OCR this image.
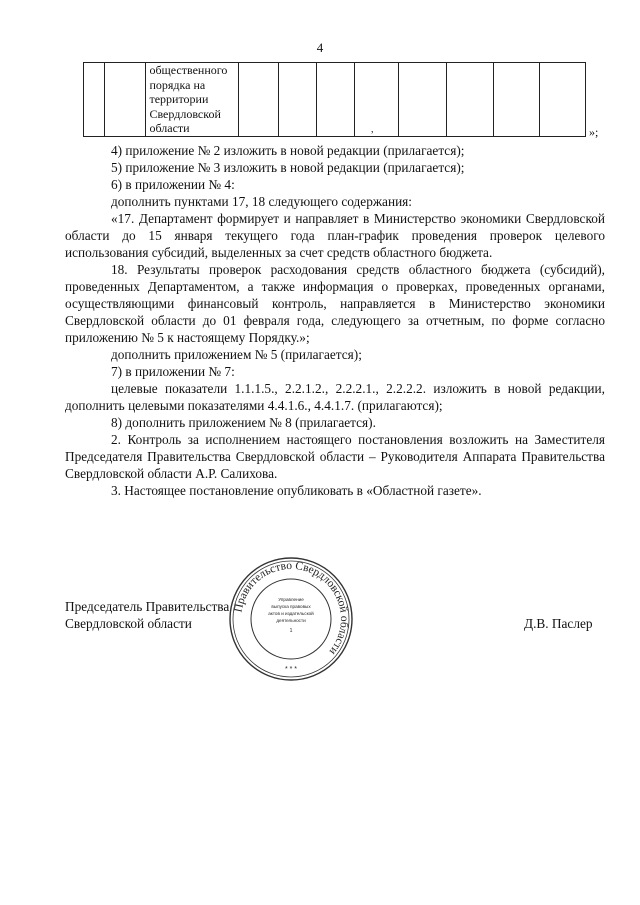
4
		общественного
порядка на
территории
Свердловской
области									,	»;

4) приложение № 2 изложить в новой редакции (прилагается);

5) приложение № 3 изложить в новой редакции (прилагается);

6) в приложении № 4:

дополнить пунктами 17, 18 следующего содержания:

«17. Департамент формирует и направляет в Министерство экономики Свердловской области до 15 января текущего года план-график проведения проверок целевого использования субсидий, выделенных за счет средств областного бюджета.

18. Результаты проверок расходования средств областного бюджета (субсидий), проведенных Департаментом, а также информация о проверках, проведенных органами, осуществляющими финансовый контроль, направляется в Министерство экономики Свердловской области до 01 февраля года, следующего за отчетным, по форме согласно приложению № 5 к настоящему Порядку.»;

дополнить приложением № 5 (прилагается);

7) в приложении № 7:

целевые показатели 1.1.1.5., 2.2.1.2., 2.2.2.1., 2.2.2.2. изложить в новой редакции, дополнить целевыми показателями 4.4.1.6., 4.4.1.7. (прилагаются);

8) дополнить приложением № 8 (прилагается).

2. Контроль за исполнением настоящего постановления возложить на Заместителя Председателя Правительства Свердловской области – Руководителя Аппарата Правительства Свердловской области А.Р. Салихова.

3. Настоящее постановление опубликовать в «Областной газете».

Председатель Правительства
Свердловской области	Д.В. Паслер
Правительство Свердловской области
Управление
выпуска правовых
актов и издательской
деятельности
1
* * *
